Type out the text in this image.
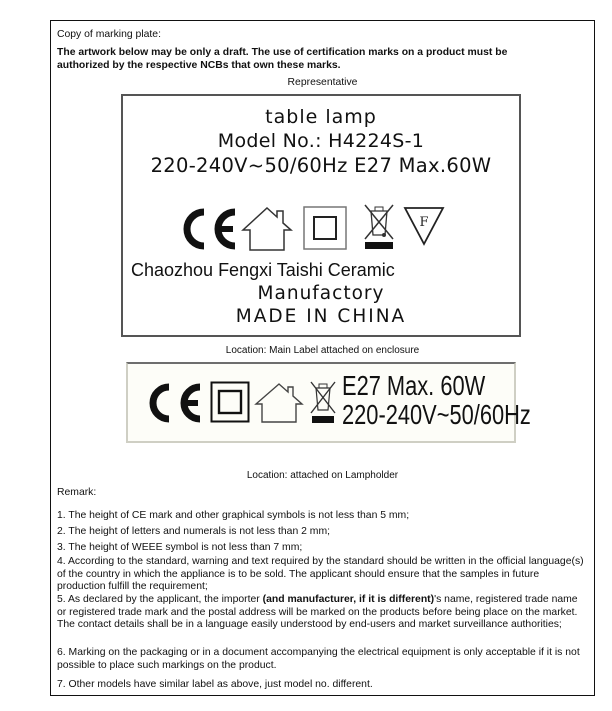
Copy of marking plate:
The artwork below may be only a draft. The use of certification marks on a product must be
authorized by the respective NCBs that own these marks.
Representative
table lamp
Model No.: H4224S-1
220-240V~50/60Hz E27 Max.60W
F
Chaozhou Fengxi Taishi Ceramic
Manufactory
MADE IN CHINA
Location: Main Label attached on enclosure
E27 Max. 60W
220-240V~50/60Hz
Location: attached on Lampholder
Remark:
1. The height of CE mark and other graphical symbols is not less than 5 mm;
2. The height of letters and numerals is not less than 2 mm;
3. The height of WEEE symbol is not less than 7 mm;
4. According to the standard, warning and text required by the standard should be written in the official language(s) of the country in which the appliance is to be sold. The applicant should ensure that the samples in future production fulfill the requirement;
5. As declared by the applicant, the importer (and manufacturer, if it is different)'s name, registered trade name or registered trade mark and the postal address will be marked on the products before being place on the market. The contact details shall be in a language easily understood by end-users and market surveillance authorities;
6. Marking on the packaging or in a document accompanying the electrical equipment is only acceptable if it is not possible to place such markings on the product.
7. Other models have similar label as above, just model no. different.
